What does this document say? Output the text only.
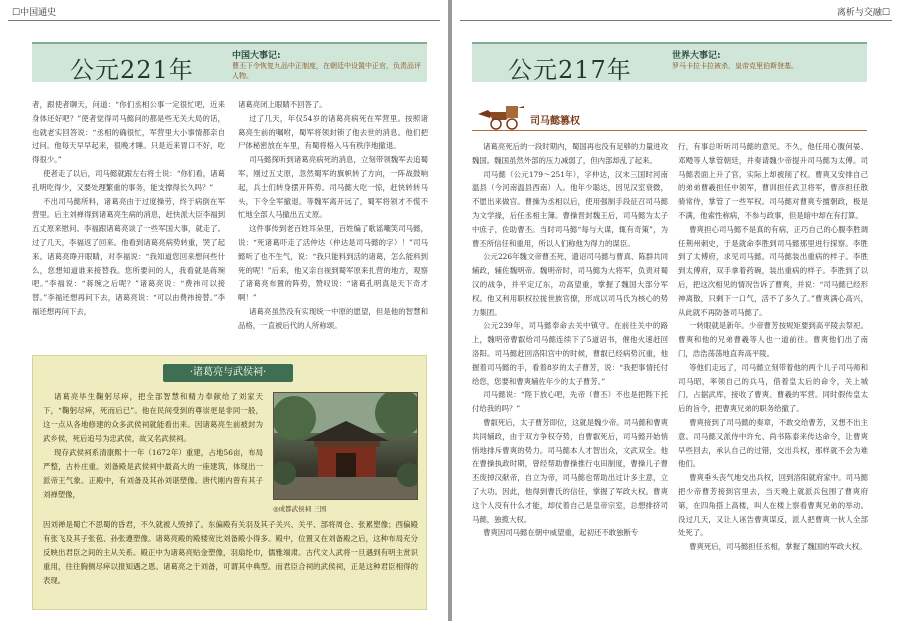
☐中国通史
公元221年	中国大事记:
曹丕下令恢复九品中正制度，在朝廷中设置中正官，负责品评人物。

者，跟使者聊天，问道：“你们丞相公事一定很忙吧，近来身体还好吧？”使者觉得司马懿问的都是些无关大局的话，也就老实回答说：“丞相的确很忙，军营里大小事情都亲自过问。他每天早早起来，很晚才睡。只是近来胃口不好，吃得很少。”

使者走了以后，司马懿就跟左右将士说：“你们看，诸葛孔明吃得少，又要处理繁重的事务，能支撑得长久吗？”

不出司马懿所料，诸葛亮由于过度操劳，终于病倒在军营里。后主刘禅得到诸葛亮生病的消息，赶快派大臣李福到五丈原来慰问。李福跟诸葛亮谈了一些军国大事，就走了。过了几天，李福返了回来。他看到诸葛亮病势转重，哭了起来。诸葛亮睁开眼睛，对李福说：“我知道您回来想问些什么，您想知道谁来接替我。您所要问的人，我看就是蒋琬吧。”李福说：“蒋琬之后呢？”诸葛亮说：“费祎可以接替。”李福还想再问下去，诸葛亮说：“可以由费祎接替。”李福还想再问下去，

诸葛亮闭上眼睛不回答了。

过了几天，年仅54岁的诸葛亮病死在军营里。按照诸葛亮生前的嘱咐，蜀军将领封锁了他去世的消息。他们把尸体秘密放在车里，有蜀将格入马有秩序地撤退。

司马懿探听到诸葛亮病死的消息，立刻带领魏军去追蜀军。刚过五丈原，忽然蜀军的旗帜转了方向，一阵战鼓响起，兵士们转身摆开阵势。司马懿大吃一惊，赶快转转马头，下令全军撤退。等魏军离开远了，蜀军将领才不慌不忙地全部人马撤出五丈原。

这件事传到老百姓耳朵里，百姓编了歌谣嘲笑司马懿，说：“死诸葛吓走了活仲达（仲达是司马懿的字）！”司马懿听了也不生气，说：“我只能料到活的诸葛，怎么能料到死的呢！”后来，他又亲自视到蜀军原来扎营的地方，观察了诸葛亮布置的阵势，赞叹说：“诸葛孔明真是天下奇才啊！”

诸葛亮虽然没有实现统一中原的愿望，但是他的智慧和品格，一直被后代的人所称颂。

·诸葛亮与武侯祠·

诸葛亮毕生鞠躬尽瘁，把全部智慧和精力奉献给了刘家天下，“鞠躬尽瘁，死而后已”。他在民间受到的尊崇更是非同一般，这一点从各地修建的众多武侯祠就能看出来。因诸葛亮生前被封为武乡侯，死后追号为忠武侯，故又名武侯祠。

现存武侯祠系清康熙十一年（1672年）重建，占地56亩，布局严整，古朴庄重。刘备殿是武侯祠中最高大的一座建筑，体现出一派帝王气象。正殿中，有刘备及其孙刘谌塑像。唐代刚内曾有其子刘禅塑像，

◎成都武侯祠 三国
因刘禅是蜀亡不思蜀的昏君，不久就被人毁掉了。东偏殿有关羽及其子关兴、关平、部将周仓、张累塑像；西偏殿有张飞及其子张苞、孙张遵塑像。诸葛亮殿的殿楼宽比刘备殿小得多。殿中，位置又在刘备殿之后，这种布局充分反映出君臣之间的主从关系。殿正中为诸葛亮贴金塑像，羽扇纶巾，儒雅端肃。古代文人武将一旦遇到有明主赏识重用，往往胸侧尽瘁以报知遇之恩。诸葛亮之于刘备，可谓其中典型。而君臣合祠的武侯祠，正是这种君臣相得的表现。
离析与交融☐
公元217年	世界大事记:
罗马卡拉卡拉被杀，皇帝克里伯斯登基。
司马懿篡权

诸葛亮死后的一段时期内，蜀国再也没有足够的力量进攻魏国。魏国虽然外部的压力减弱了，但内部却乱了起来。

司马懿（公元179～251年），字仲达，汉末三国时河南温县（今河南温县西南）人。他年少聪达，因见汉室衰微，不愿出来做官。曹操为丞相以后，使用强制手段征召司马懿为文学掾，后任丞相主簿。曹操晋封魏王后，司马懿为太子中庶子，佐助曹丕。当时司马懿“每与大谋，辄有奇策”，为曹丕所信任和重用，所以人们称他为得力的谋臣。

公元226年魏文帝曹丕死，遗诏司马懿与曹真、陈群共同辅政，辅佐魏明帝。魏明帝时，司马懿为大将军，负责对蜀汉的战争，并平定辽东，功高望重，掌握了魏国大部分军权。他又利用职权拉拢世族官僚，形成以司马氏为核心的势力集团。

公元239年，司马懿奉命去关中镇守。在前往关中的路上，魏明帝曹叡给司马懿连续下了5道诏书，催他火速赶回洛阳。司马懿赶回洛阳宫中的时候，曹叡已经病势沉重，他握着司马懿的手，看着8岁的太子曹芳，说：“我把事情托付给您，您要和曹爽辅佐年少的太子曹芳。”

司马懿说：“陛下放心吧，先帝（曹丕）不也是把陛下托付给我的吗？”

曹叡死后，太子曹芳即位，这就是魏少帝。司马懿和曹爽共同辅政，由于双方争权夺势，自曹叡死后，司马懿开始悄悄地排斥曹爽的势力。司马懿本人才智出众，文武双全。他在曹操执政时期，曾经帮助曹操推行屯田制度，曹操儿子曹丕废掉汉献帝，自立为帝，司马懿也帮助出过计多主意，立了大功。因此，他得到曹氏的信任，掌握了军政大权。曹爽这个人没有什么才能，却仗着自己是皇帝宗室，总想排挤司马懿，独揽大权。

曹爽因司马懿在朝中威望重，起初还不敢独断专

行，有事总听听司马懿的意见。不久，他任用心腹何晏、邓飏等人掌管朝廷，并奏请魏少帝提升司马懿为太傅。司马懿表面上升了官，实际上却被削了权。曹爽又安排自己的弟弟曹羲担任中领军，曹训担任武卫将军，曹彦担任散骑常侍，掌管了一些军权。司马懿对曹爽专擅朝政，极是不满，他索性称病，不参与政事，但是暗中却在有打算。

曹爽担心司马懿不是真的有病，正巧自己的心腹李胜调任荆州刺史，于是就命李胜到司马懿那里进行探察。李胜到了太傅府，求见司马懿。司马懿装出重病的样子。李胜到太傅府，双手拿着药碗，装出重病的样子。李胜到了以后，把这次相见的情况告诉了曹爽，并说：“司马懿已经形神离散，只剩下一口气，活不了多久了。”曹爽满心高兴，从此就不再防备司马懿了。

一转眼就是新年。少帝曹芳按规矩要到高平陵去祭祀。曹爽和他的兄弟曹羲等人也一道前往。曹爽他们出了南门，浩浩荡荡地直奔高平陵。

等他们走远了，司马懿立刻带着他的两个儿子司马师和司马昭，率领自己的兵马，借着皇太后的命令，关上城门，占据武库，接收了曹爽、曹羲的军营。同时假传皇太后的旨令，把曹爽兄弟的职务给撤了。

曹爽接到了司马懿的奏章，不敢交给曹芳，又想不出主意。司马懿又派侍中许允、尚书陈泰来传达命令，让曹爽早些回去，承认自己的过错，交出兵权，那样就不会为难他们。

曹爽垂头丧气地交出兵权，回到洛阳就府家中。司马懿把少帝曹芳接到宫里去，当天晚上就派兵包围了曹爽府第，在四角搭上高楼，叫人在楼上察看曹爽兄弟的举动。没过几天，又让人诬告曹爽谋反，派人把曹爽一伙人全部处死了。

曹爽死后，司马懿担任丞相，掌握了魏国的军政大权。
